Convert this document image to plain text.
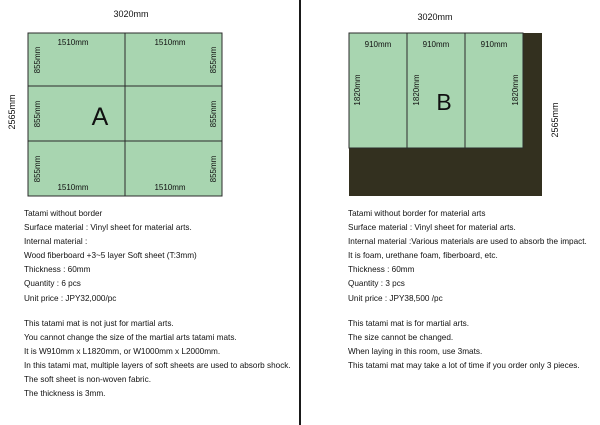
3020mm
2565mm
1510mm	1510mm
1510mm	1510mm
855mm
855mm
855mm
855mm
855mm
855mm
A
Tatami without border
Surface material : Vinyl sheet for material arts.
Internal material :
Wood fiberboard +3~5 layer Soft sheet (T:3mm)
Thickness : 60mm
Quantity : 6 pcs
Unit price : JPY32,000/pc
This tatami mat is not just for martial arts.
You cannot change the size of the martial arts tatami mats.
It is W910mm x L1820mm, or W1000mm x L2000mm.
In this tatami mat, multiple layers of soft sheets are used to absorb shock.
The soft sheet is non-woven fabric.
The thickness is 3mm.
3020mm
910mm	910mm	910mm
1820mm	1820mm	1820mm
2565mm
B
Tatami without border for material arts
Surface material : Vinyl sheet for material arts.
Internal material :Various materials are used to absorb the impact.
It is foam, urethane foam, fiberboard, etc.
Thickness : 60mm
Quantity : 3 pcs
Unit price : JPY38,500 /pc
This tatami mat is for martial arts.
The size cannot be changed.
When laying in this room, use 3mats.
This tatami mat may take a lot of time if you order only 3 pieces.
